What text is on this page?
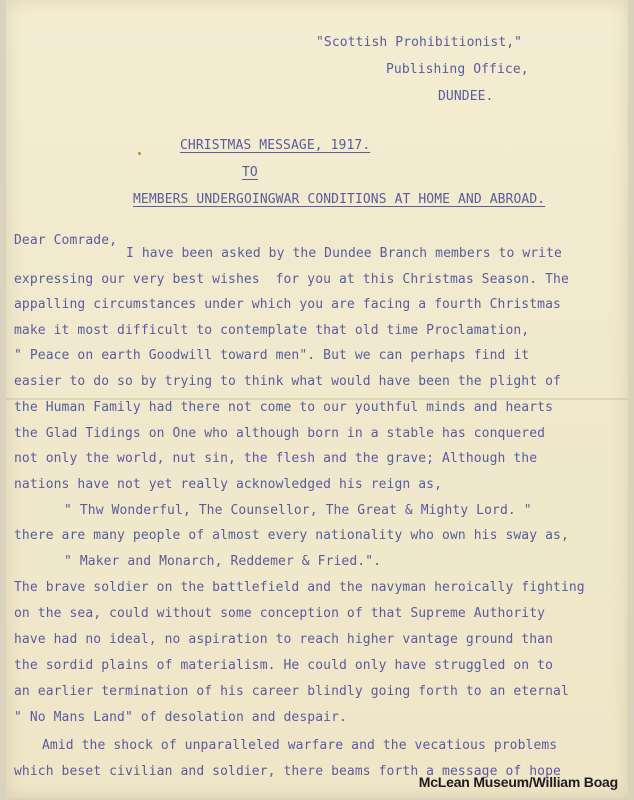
"Scottish Prohibitionist,"
Publishing Office,
DUNDEE.
CHRISTMAS MESSAGE, 1917.
TO
MEMBERS UNDERGOINGWAR CONDITIONS AT HOME AND ABROAD.
Dear Comrade,
I have been asked by the Dundee Branch members to write
expressing our very best wishes  for you at this Christmas Season. The
appalling circumstances under which you are facing a fourth Christmas
make it most difficult to contemplate that old time Proclamation,
" Peace on earth Goodwill toward men". But we can perhaps find it
easier to do so by trying to think what would have been the plight of
the Human Family had there not come to our youthful minds and hearts
the Glad Tidings on One who although born in a stable has conquered
not only the world, nut sin, the flesh and the grave; Although the
nations have not yet really acknowledged his reign as,
" Thw Wonderful, The Counsellor, The Great & Mighty Lord. "
there are many people of almost every nationality who own his sway as,
" Maker and Monarch, Reddemer & Fried.".
The brave soldier on the battlefield and the navyman heroically fighting
on the sea, could without some conception of that Supreme Authority
have had no ideal, no aspiration to reach higher vantage ground than
the sordid plains of materialism. He could only have struggled on to
an earlier termination of his career blindly going forth to an eternal
" No Mans Land" of desolation and despair.
Amid the shock of unparalleled warfare and the vecatious problems
which beset civilian and soldier, there beams forth a message of hope
McLean Museum/William Boag
